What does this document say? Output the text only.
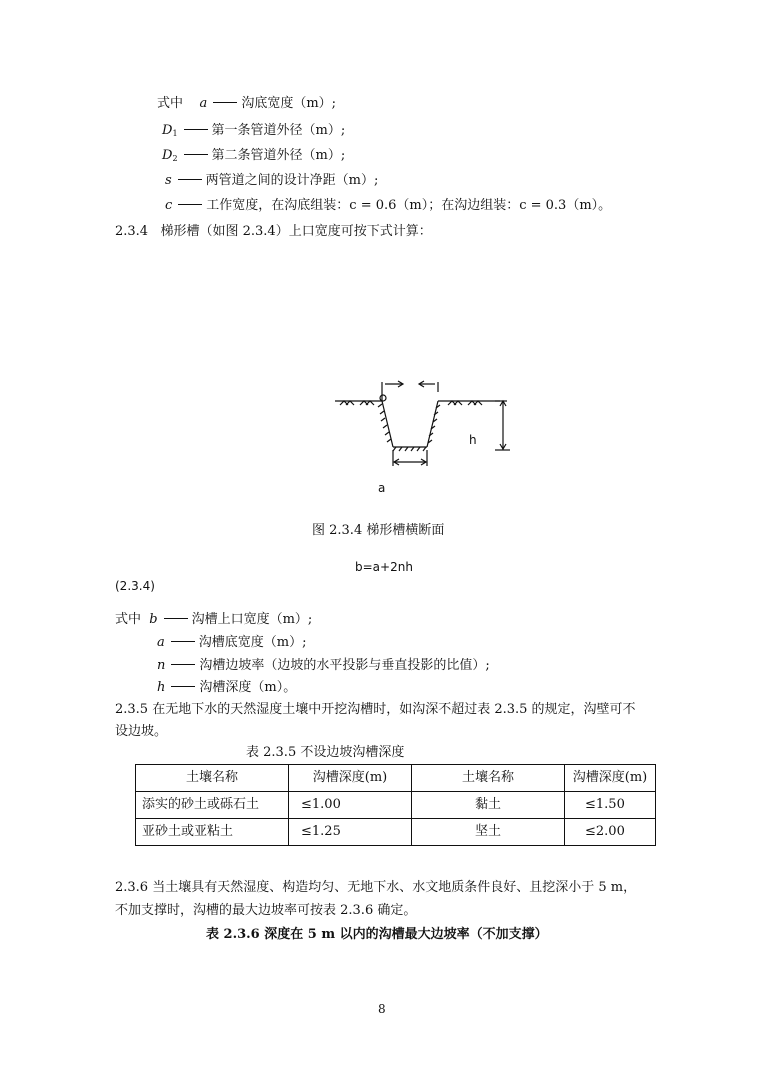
式中 a	沟底宽度（m）;
$D_1$	第一条管道外径（m）;
$D_2$	第二条管道外径（m）;
s	两管道之间的设计净距（m）;
c	工作宽度，在沟底组装：c = 0.6（m）；在沟边组装：c = 0.3（m）。
2.3.4 梯形槽（如图 2.3.4）上口宽度可按下式计算：
h
a
图 2.3.4 梯形槽横断面
b=a+2nh
(2.3.4)
式中 b	沟槽上口宽度（m）;
a	沟槽底宽度（m）;
n	沟槽边坡率（边坡的水平投影与垂直投影的比值）;
h	沟槽深度（m）。
2.3.5 在无地下水的天然湿度土壤中开挖沟槽时，如沟深不超过表 2.3.5 的规定，沟壁可不
设边坡。
表 2.3.5 不设边坡沟槽深度
土壤名称	沟槽深度(m)	土壤名称	沟槽深度(m)
添实的砂土或砾石土	≤1.00	黏土	≤1.50
亚砂土或亚粘土	≤1.25	坚土	≤2.00
2.3.6 当土壤具有天然湿度、构造均匀、无地下水、水文地质条件良好、且挖深小于 5 m，
不加支撑时，沟槽的最大边坡率可按表 2.3.6 确定。
表 2.3.6 深度在 5 m 以内的沟槽最大边坡率（不加支撑）
8
